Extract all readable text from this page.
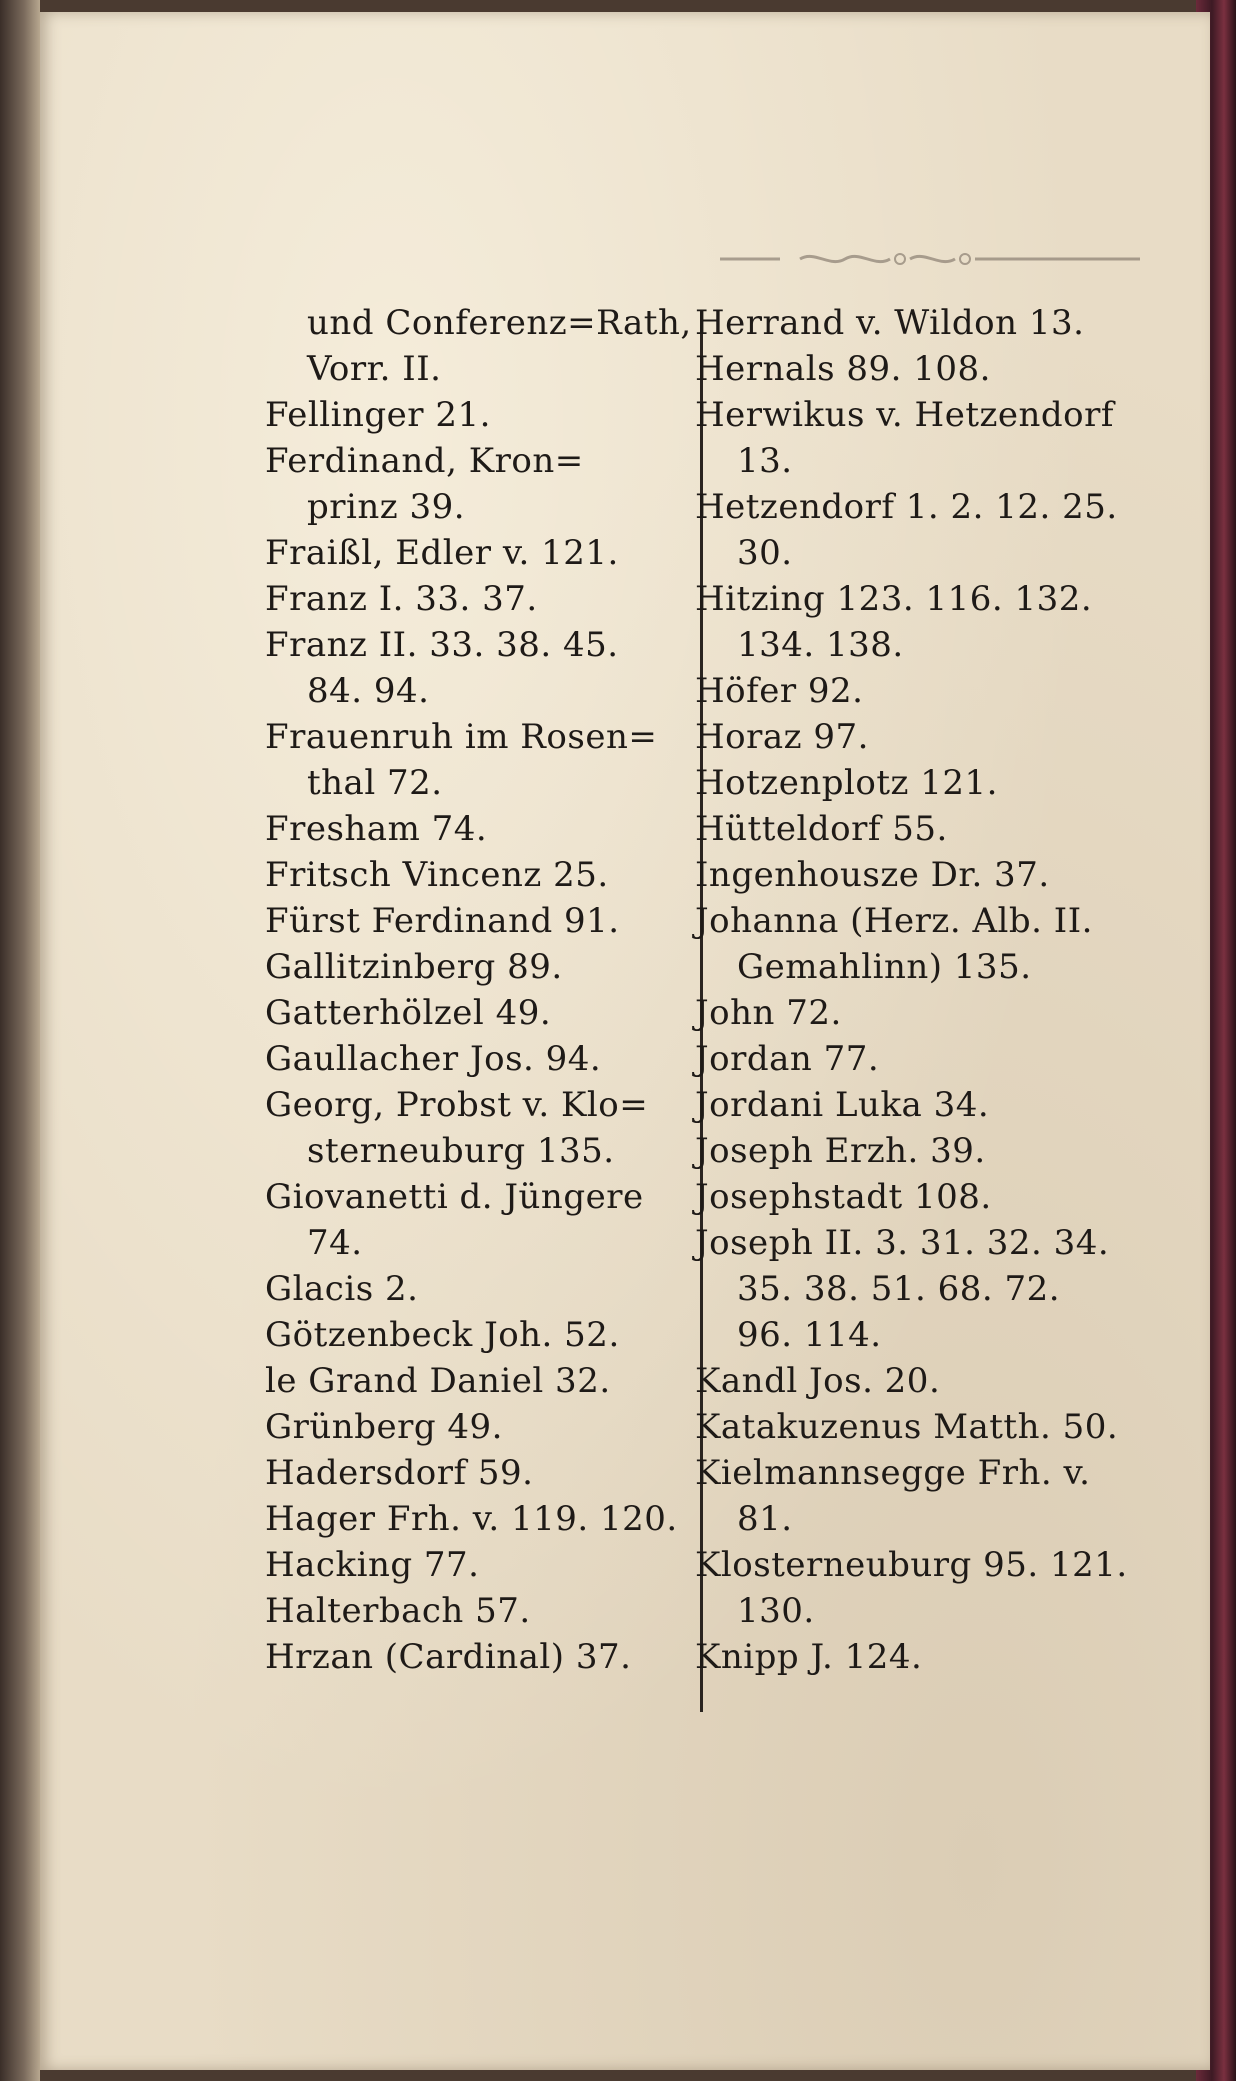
und Conferenz=Rath,
Vorr. II.
Fellinger 21.
Ferdinand, Kron=
prinz 39.
Fraißl, Edler v. 121.
Franz I. 33. 37.
Franz II. 33. 38. 45.
84. 94.
Frauenruh im Rosen=
thal 72.
Fresham 74.
Fritsch Vincenz 25.
Fürst Ferdinand 91.
Gallitzinberg 89.
Gatterhölzel 49.
Gaullacher Jos. 94.
Georg, Probst v. Klo=
sterneuburg 135.
Giovanetti d. Jüngere
74.
Glacis 2.
Götzenbeck Joh. 52.
le Grand Daniel 32.
Grünberg 49.
Hadersdorf 59.
Hager Frh. v. 119. 120.
Hacking 77.
Halterbach 57.
Hrzan (Cardinal) 37.
Herrand v. Wildon 13.
Hernals 89. 108.
Herwikus v. Hetzendorf
13.
Hetzendorf 1. 2. 12. 25.
30.
Hitzing 123. 116. 132.
134. 138.
Höfer 92.
Horaz 97.
Hotzenplotz 121.
Hütteldorf 55.
Ingenhousze Dr. 37.
Johanna (Herz. Alb. II.
Gemahlinn) 135.
John 72.
Jordan 77.
Jordani Luka 34.
Joseph Erzh. 39.
Josephstadt 108.
Joseph II. 3. 31. 32. 34.
35. 38. 51. 68. 72.
96. 114.
Kandl Jos. 20.
Katakuzenus Matth. 50.
Kielmannsegge Frh. v.
81.
Klosterneuburg 95. 121.
130.
Knipp J. 124.
